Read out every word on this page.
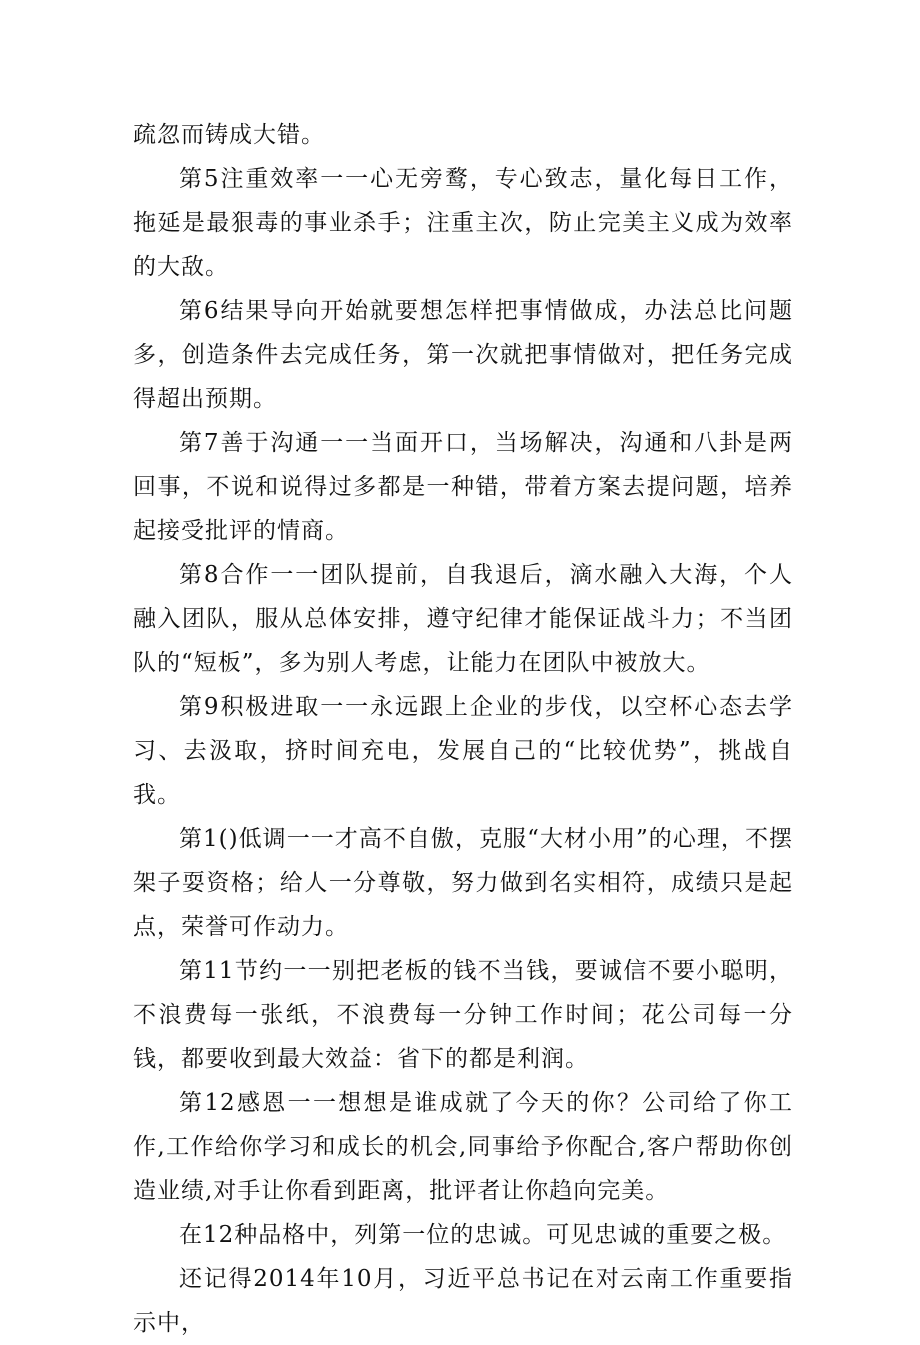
疏忽而铸成大错。

第5注重效率一一心无旁鹜，专心致志，量化每日工作，拖延是最狠毒的事业杀手；注重主次，防止完美主义成为效率的大敌。

第6结果导向开始就要想怎样把事情做成，办法总比问题多，创造条件去完成任务，第一次就把事情做对，把任务完成得超出预期。

第7善于沟通一一当面开口，当场解决，沟通和八卦是两回事，不说和说得过多都是一种错，带着方案去提问题，培养起接受批评的情商。

第8合作一一团队提前，自我退后，滴水融入大海，个人融入团队，服从总体安排，遵守纪律才能保证战斗力；不当团队的“短板”，多为别人考虑，让能力在团队中被放大。

第9积极进取一一永远跟上企业的步伐，以空杯心态去学习、去汲取，挤时间充电，发展自己的“比较优势”，挑战自我。

第1()低调一一才高不自傲，克服“大材小用”的心理，不摆架子耍资格；给人一分尊敬，努力做到名实相符，成绩只是起点，荣誉可作动力。

第11节约一一别把老板的钱不当钱，要诚信不要小聪明，不浪费每一张纸，不浪费每一分钟工作时间；花公司每一分钱，都要收到最大效益：省下的都是利润。

第12感恩一一想想是谁成就了今天的你？公司给了你工作,工作给你学习和成长的机会,同事给予你配合,客户帮助你创造业绩,对手让你看到距离，批评者让你趋向完美。

在12种品格中，列第一位的忠诚。可见忠诚的重要之极。

还记得2014年10月，习近平总书记在对云南工作重要指示中，
